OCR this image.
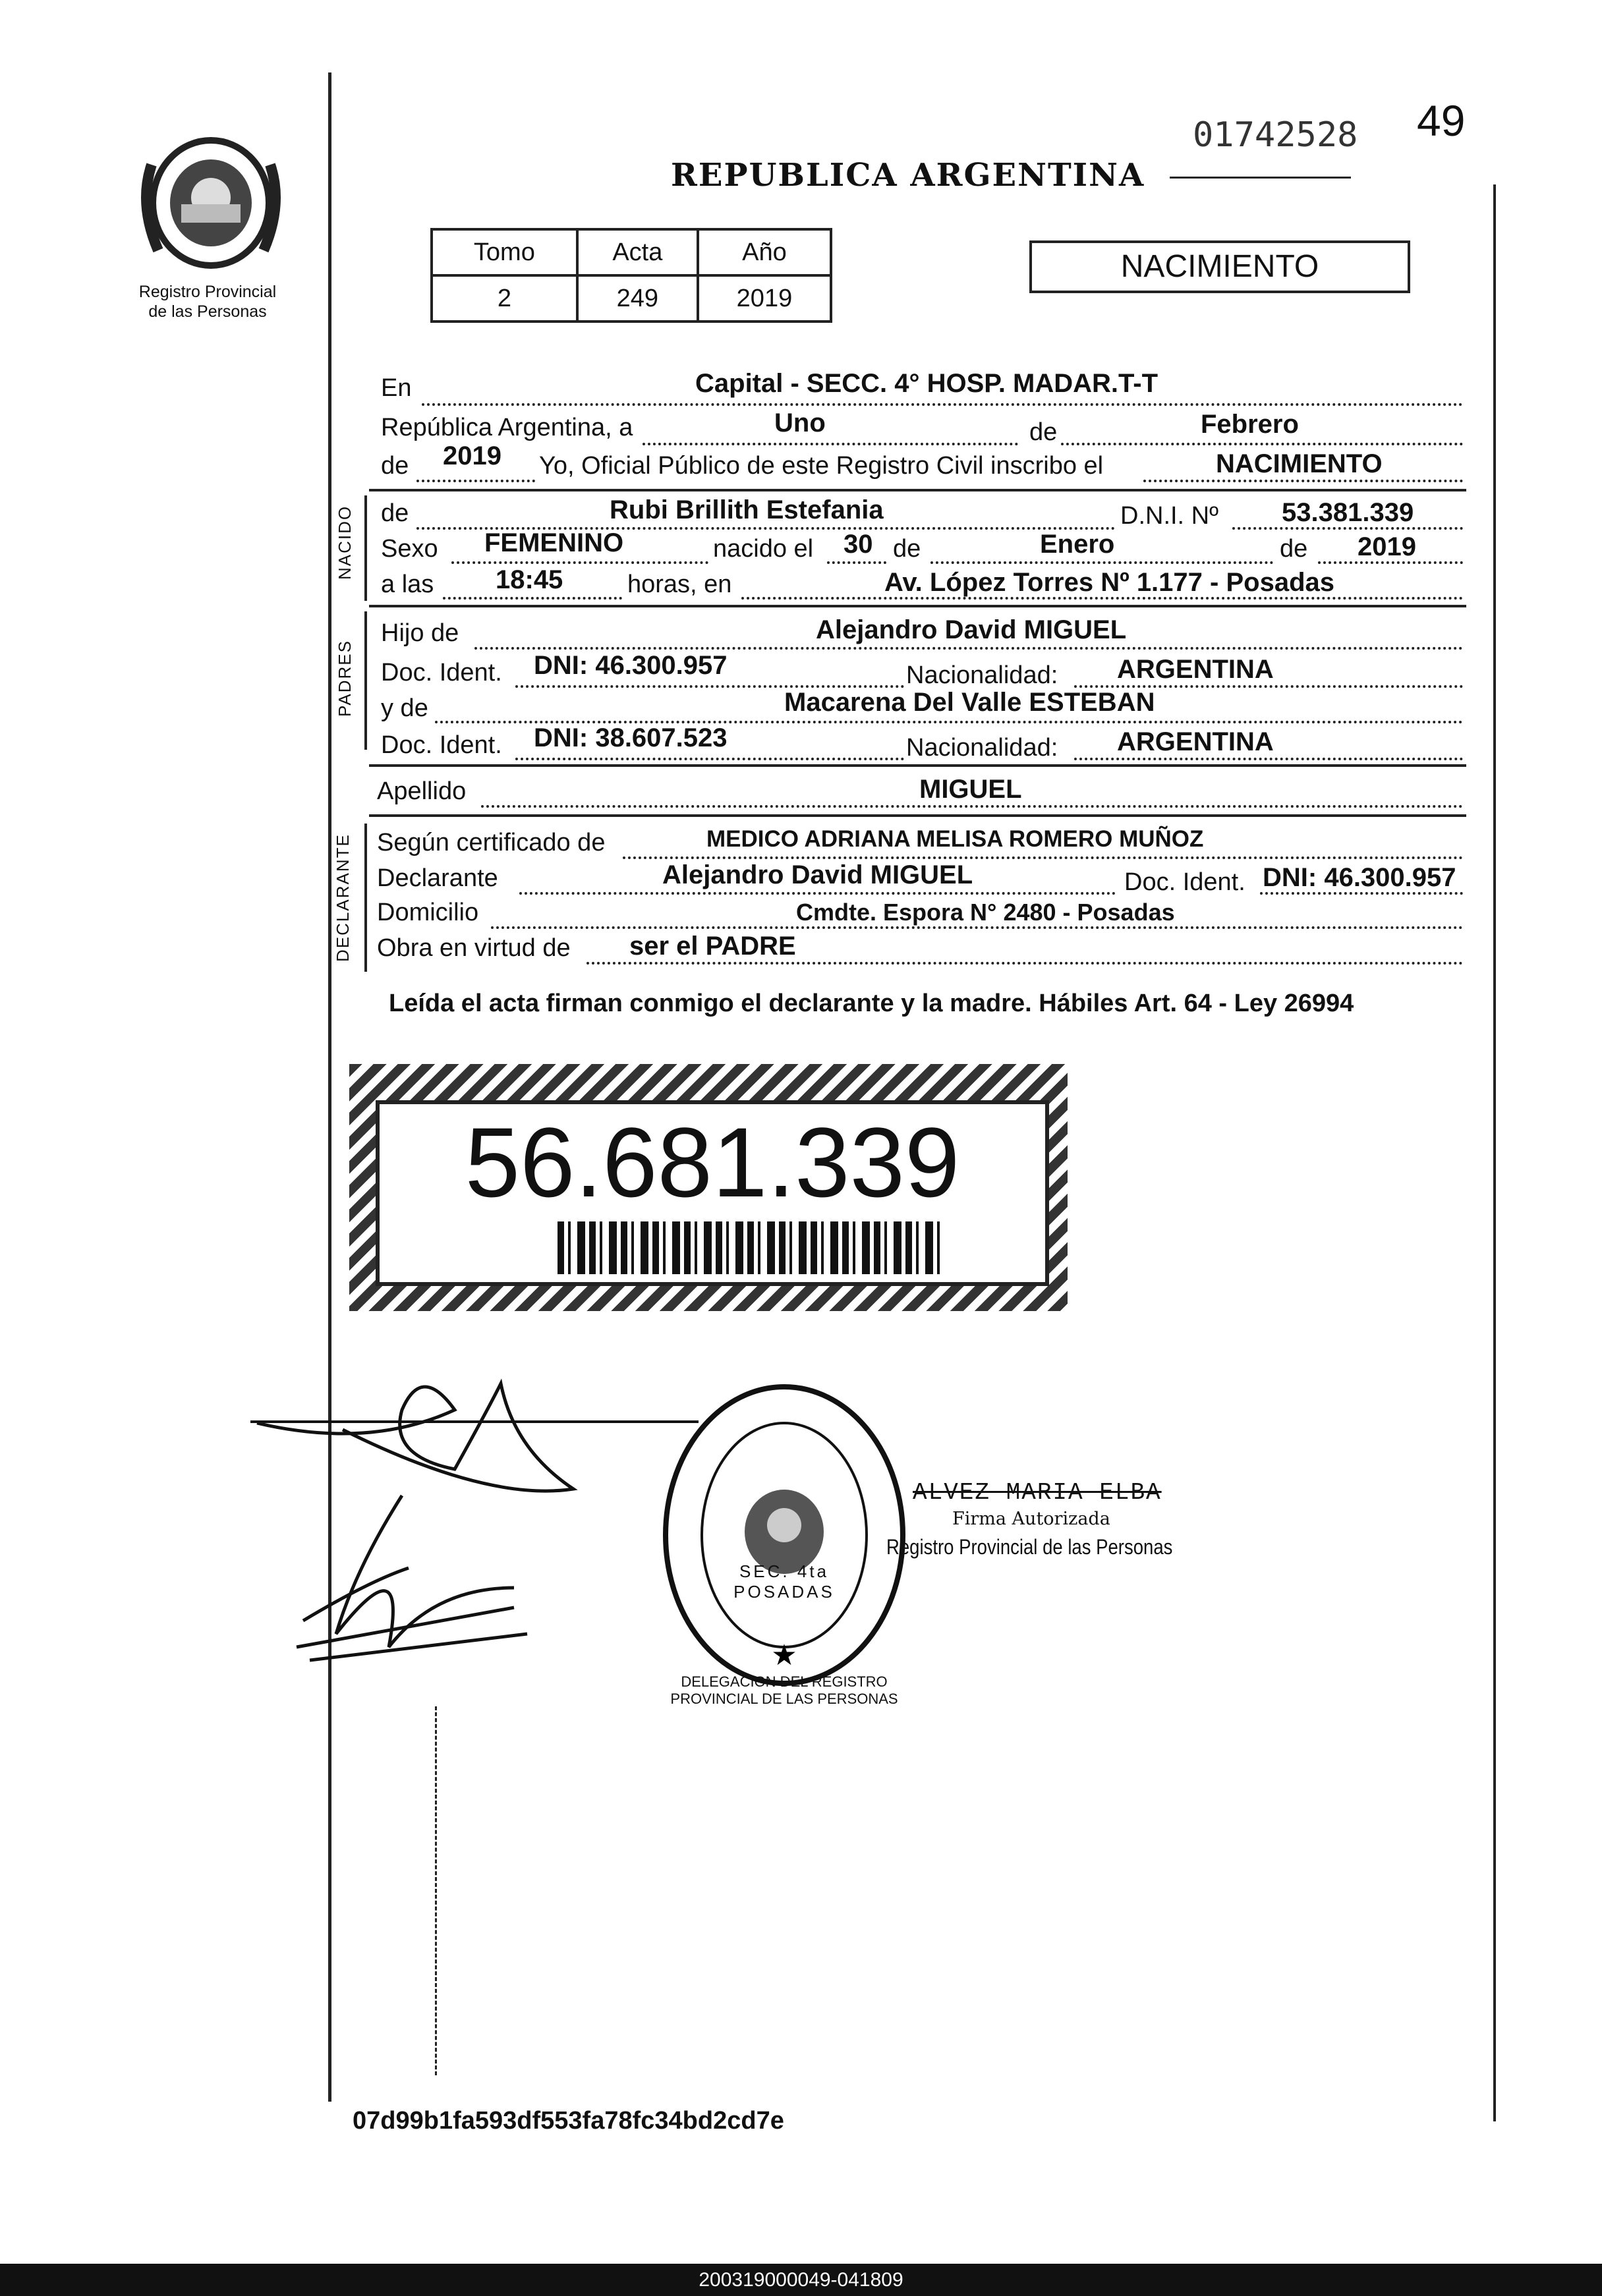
Registro Provincial
de las Personas
01742528 49
REPUBLICA ARGENTINA
Tomo	Acta	Año
2	249	2019
NACIMIENTO
En	Capital - SECC. 4° HOSP. MADAR.T-T
República Argentina, a	Uno	de	Febrero
de 2019 Yo, Oficial Público de este Registro Civil inscribo el	NACIMIENTO
NACIDO de	Rubi Brillith Estefania	D.N.I. Nº 53.381.339
Sexo FEMENINO	nacido el 30 de	Enero	de 2019
a las 18:45	horas, en	Av. López Torres Nº 1.177 - Posadas
PADRES
Hijo de	Alejandro David MIGUEL
Doc. Ident. DNI: 46.300.957	Nacionalidad: ARGENTINA
y de	Macarena Del Valle ESTEBAN
Doc. Ident. DNI: 38.607.523	Nacionalidad: ARGENTINA
Apellido	MIGUEL
DECLARANTE Según certificado de	MEDICO ADRIANA MELISA ROMERO MUÑOZ
Declarante	Alejandro David MIGUEL	Doc. Ident. DNI: 46.300.957
Domicilio	Cmdte. Espora N° 2480 - Posadas
Obra en virtud de ser el PADRE
Leída el acta firman conmigo el declarante y la madre. Hábiles Art. 64 - Ley 26994
56.681.339
★
DELEGACION DEL REGISTRO PROVINCIAL DE LAS PERSONAS
SEC. 4ta POSADAS
ALVEZ MARIA ELBA
Firma Autorizada
Registro Provincial de las Personas
07d99b1fa593df553fa78fc34bd2cd7e
200319000049-041809
